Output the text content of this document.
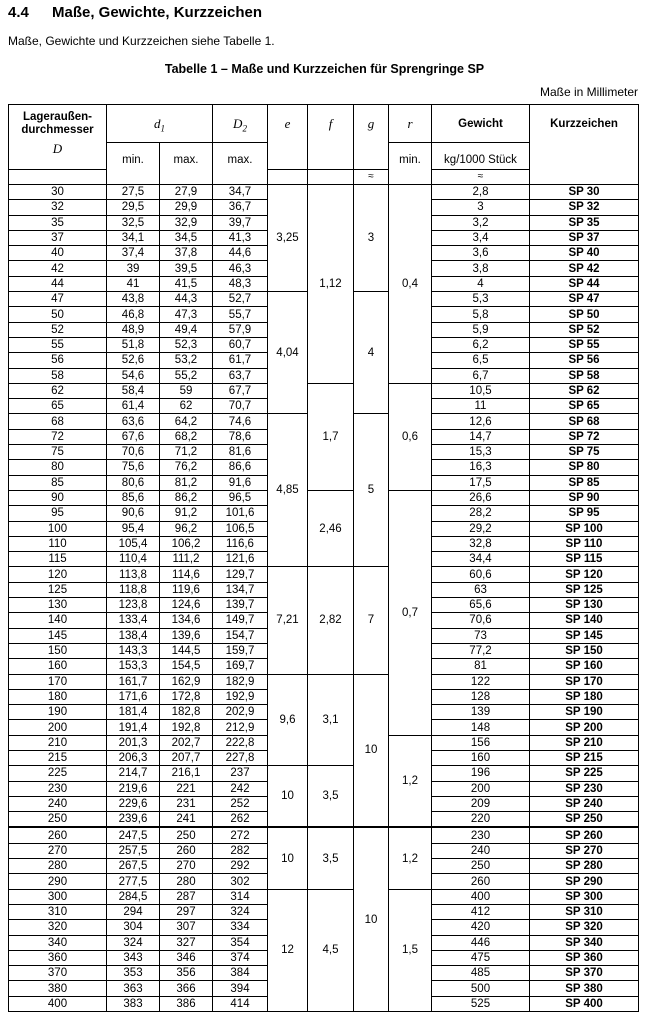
4.4 Maße, Gewichte, Kurzzeichen
Maße, Gewichte und Kurzzeichen siehe Tabelle 1.
Tabelle 1 – Maße und Kurzzeichen für Sprengringe SP
Maße in Millimeter
Lageraußen-
durchmesser
D	$d_1$		$D_2$	e	f	g	r	Gewicht	Kurzzeichen
	min.	max.	max.				min.	kg/1000 Stück	
						≈		≈	
30	27,5	27,9	34,7	3,25	1,12	3	0,4	2,8	SP 30
32	29,5	29,9	36,7					3	SP 32
35	32,5	32,9	39,7					3,2	SP 35
37	34,1	34,5	41,3					3,4	SP 37
40	37,4	37,8	44,6					3,6	SP 40
42	39	39,5	46,3					3,8	SP 42
44	41	41,5	48,3					4	SP 44
47	43,8	44,3	52,7	4,04		4		5,3	SP 47
50	46,8	47,3	55,7					5,8	SP 50
52	48,9	49,4	57,9					5,9	SP 52
55	51,8	52,3	60,7					6,2	SP 55
56	52,6	53,2	61,7					6,5	SP 56
58	54,6	55,2	63,7					6,7	SP 58
62	58,4	59	67,7		1,7		0,6	10,5	SP 62
65	61,4	62	70,7					11	SP 65
68	63,6	64,2	74,6	4,85		5		12,6	SP 68
72	67,6	68,2	78,6					14,7	SP 72
75	70,6	71,2	81,6					15,3	SP 75
80	75,6	76,2	86,6					16,3	SP 80
85	80,6	81,2	91,6					17,5	SP 85
90	85,6	86,2	96,5		2,46		0,7	26,6	SP 90
95	90,6	91,2	101,6					28,2	SP 95
100	95,4	96,2	106,5					29,2	SP 100
110	105,4	106,2	116,6					32,8	SP 110
115	110,4	111,2	121,6					34,4	SP 115
120	113,8	114,6	129,7	7,21	2,82	7		60,6	SP 120
125	118,8	119,6	134,7					63	SP 125
130	123,8	124,6	139,7					65,6	SP 130
140	133,4	134,6	149,7					70,6	SP 140
145	138,4	139,6	154,7					73	SP 145
150	143,3	144,5	159,7					77,2	SP 150
160	153,3	154,5	169,7					81	SP 160
170	161,7	162,9	182,9	9,6	3,1	10		122	SP 170
180	171,6	172,8	192,9					128	SP 180
190	181,4	182,8	202,9					139	SP 190
200	191,4	192,8	212,9					148	SP 200
210	201,3	202,7	222,8				1,2	156	SP 210
215	206,3	207,7	227,8					160	SP 215
225	214,7	216,1	237	10	3,5			196	SP 225
230	219,6	221	242					200	SP 230
240	229,6	231	252					209	SP 240
250	239,6	241	262					220	SP 250
260	247,5	250	272	10	3,5	10	1,2	230	SP 260
270	257,5	260	282					240	SP 270
280	267,5	270	292					250	SP 280
290	277,5	280	302					260	SP 290
300	284,5	287	314	12	4,5		1,5	400	SP 300
310	294	297	324					412	SP 310
320	304	307	334					420	SP 320
340	324	327	354					446	SP 340
360	343	346	374					475	SP 360
370	353	356	384					485	SP 370
380	363	366	394					500	SP 380
400	383	386	414					525	SP 400
